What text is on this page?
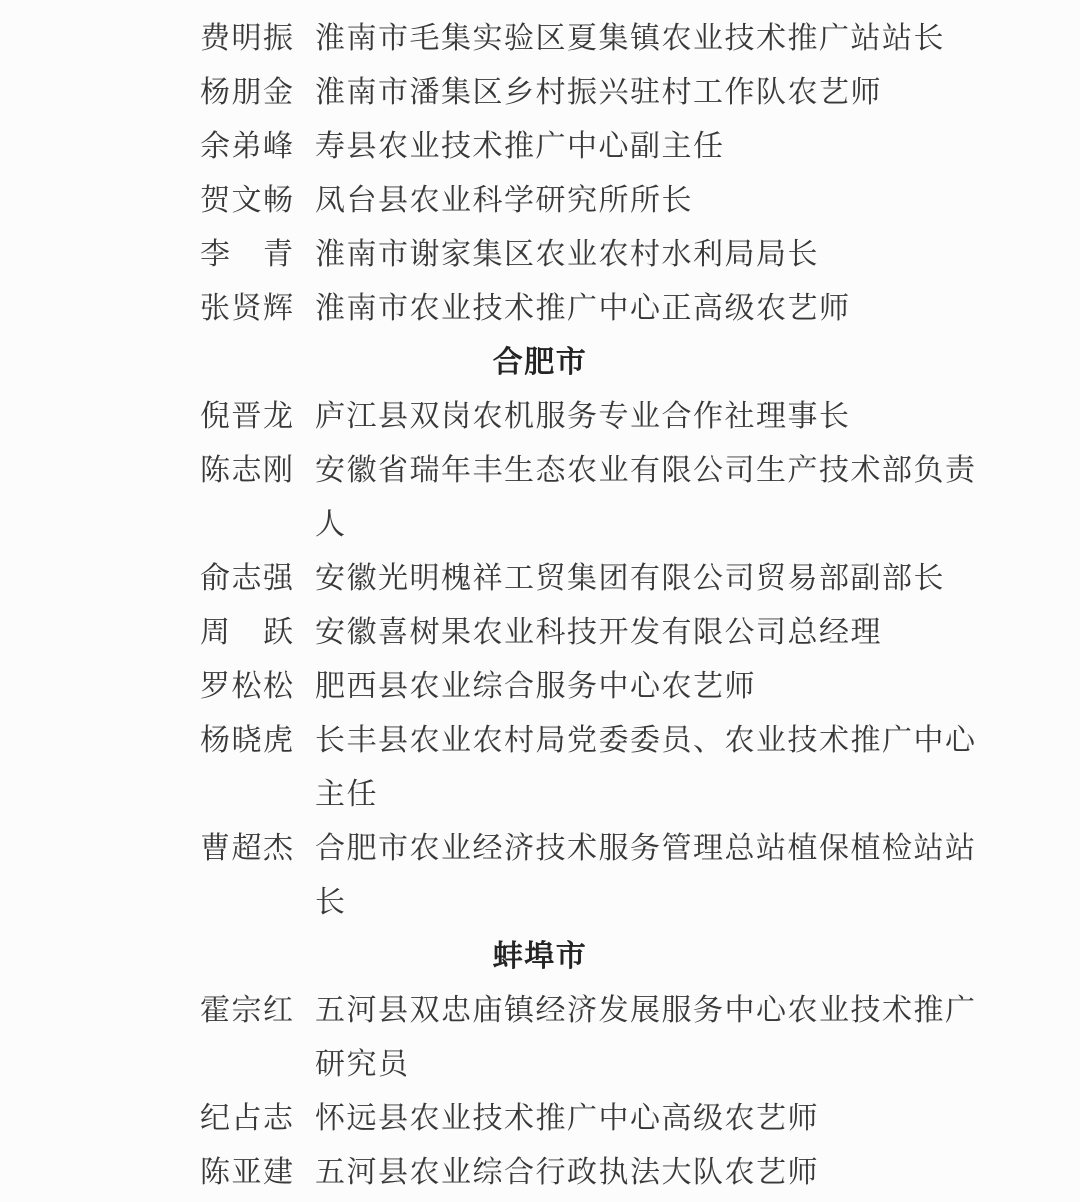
费明振 淮南市毛集实验区夏集镇农业技术推广站站长
杨朋金 淮南市潘集区乡村振兴驻村工作队农艺师
余弟峰 寿县农业技术推广中心副主任
贺文畅 凤台县农业科学研究所所长
李　青 淮南市谢家集区农业农村水利局局长
张贤辉 淮南市农业技术推广中心正高级农艺师
合肥市
倪晋龙 庐江县双岗农机服务专业合作社理事长
陈志刚 安徽省瑞年丰生态农业有限公司生产技术部负责人
俞志强 安徽光明槐祥工贸集团有限公司贸易部副部长
周　跃 安徽喜树果农业科技开发有限公司总经理
罗松松 肥西县农业综合服务中心农艺师
杨晓虎 长丰县农业农村局党委委员、农业技术推广中心主任
曹超杰 合肥市农业经济技术服务管理总站植保植检站站长
蚌埠市
霍宗红 五河县双忠庙镇经济发展服务中心农业技术推广研究员
纪占志 怀远县农业技术推广中心高级农艺师
陈亚建 五河县农业综合行政执法大队农艺师
